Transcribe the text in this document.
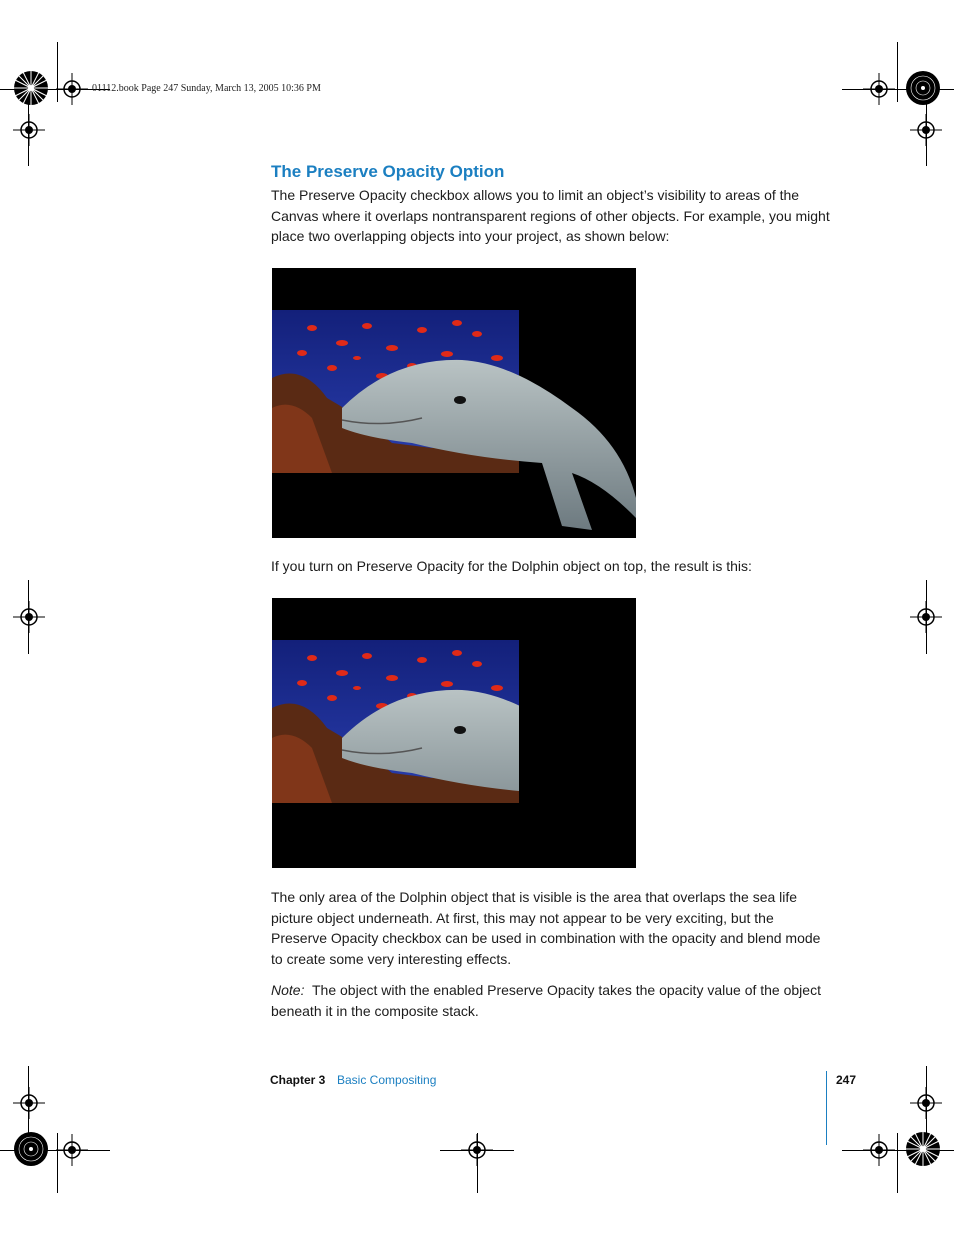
01112.book Page 247 Sunday, March 13, 2005 10:36 PM
The Preserve Opacity Option

The Preserve Opacity checkbox allows you to limit an object’s visibility to areas of the Canvas where it overlaps nontransparent regions of other objects. For example, you might place two overlapping objects into your project, as shown below:

If you turn on Preserve Opacity for the Dolphin object on top, the result is this:

The only area of the Dolphin object that is visible is the area that overlaps the sea life picture object underneath. At first, this may not appear to be very exciting, but the Preserve Opacity checkbox can be used in combination with the opacity and blend mode to create some very interesting effects.

Note: The object with the enabled Preserve Opacity takes the opacity value of the object beneath it in the composite stack.

Chapter 3 Basic Compositing	247
